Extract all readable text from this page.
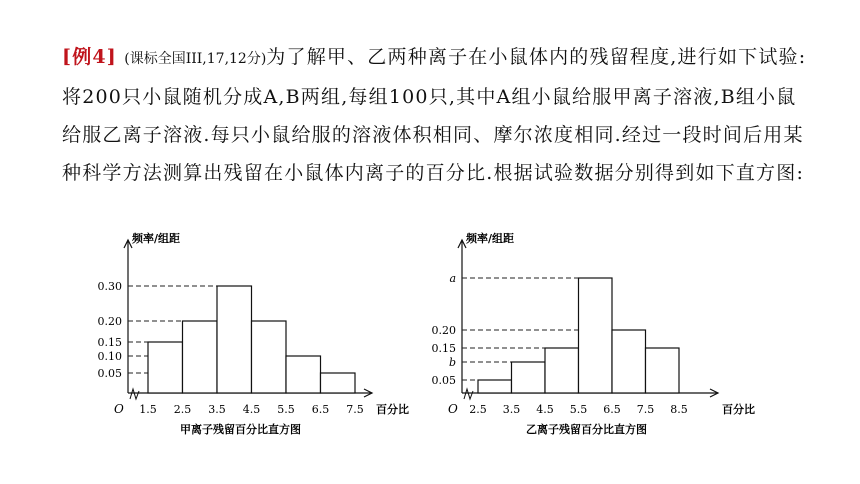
[例4] (课标全国III,17,12分)为了解甲、乙两种离子在小鼠体内的残留程度,进行如下试验:将200只小鼠随机分成A,B两组,每组100只,其中A组小鼠给服甲离子溶液,B组小鼠给服乙离子溶液.每只小鼠给服的溶液体积相同、摩尔浓度相同.经过一段时间后用某种科学方法测算出残留在小鼠体内离子的百分比.根据试验数据分别得到如下直方图:
频率/组距
O
0.05
0.10
0.15
0.20
0.30
1.5 2.5 3.5 4.5 5.5 6.5 7.5 百分比
甲离子残留百分比直方图
频率/组距
O
0.05
b
0.15
0.20
a
2.5 3.5 4.5 5.5 6.5 7.5 8.5	百分比
乙离子残留百分比直方图
